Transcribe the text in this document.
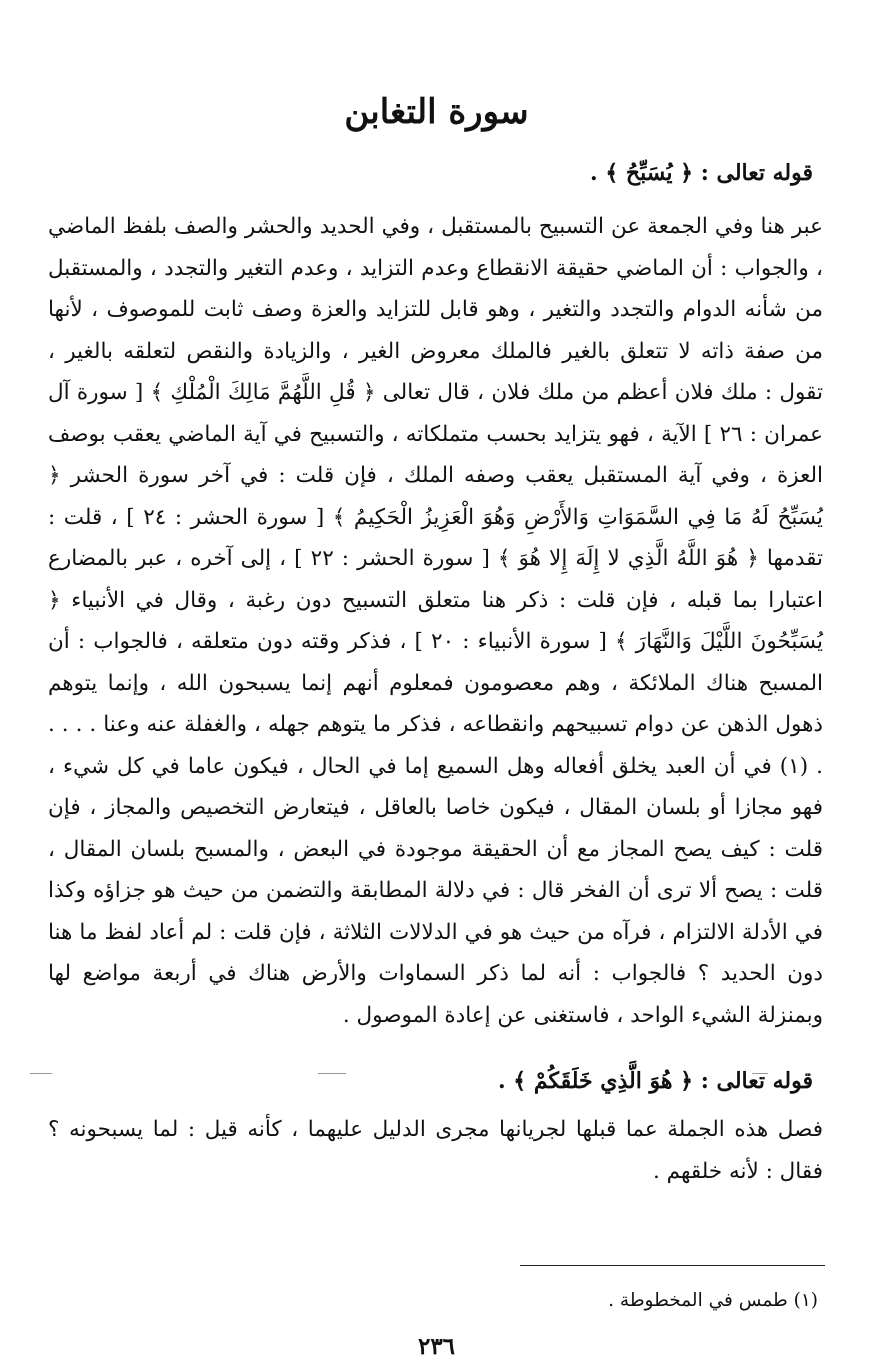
سورة التغابن
قوله تعالى : ﴿ يُسَبِّحُ ﴾ .

عبر هنا وفي الجمعة عن التسبيح بالمستقبل ، وفي الحديد والحشر والصف بلفظ الماضي ، والجواب : أن الماضي حقيقة الانقطاع وعدم التزايد ، وعدم التغير والتجدد ، والمستقبل من شأنه الدوام والتجدد والتغير ، وهو قابل للتزايد والعزة وصف ثابت للموصوف ، لأنها من صفة ذاته لا تتعلق بالغير فالملك معروض الغير ، والزيادة والنقص لتعلقه بالغير ، تقول : ملك فلان أعظم من ملك فلان ، قال تعالى ﴿ قُلِ اللَّهُمَّ مَالِكَ الْمُلْكِ ﴾ [ سورة آل عمران : ٢٦ ] الآية ، فهو يتزايد بحسب متملكاته ، والتسبيح في آية الماضي يعقب بوصف العزة ، وفي آية المستقبل يعقب وصفه الملك ، فإن قلت : في آخر سورة الحشر ﴿ يُسَبِّحُ لَهُ مَا فِي السَّمَوَاتِ وَالأَرْضِ وَهُوَ الْعَزِيزُ الْحَكِيمُ ﴾ [ سورة الحشر : ٢٤ ] ، قلت : تقدمها ﴿ هُوَ اللَّهُ الَّذِي لا إِلَهَ إِلا هُوَ ﴾ [ سورة الحشر : ٢٢ ] ، إلى آخره ، عبر بالمضارع اعتبارا بما قبله ، فإن قلت : ذكر هنا متعلق التسبيح دون رغبة ، وقال في الأنبياء ﴿ يُسَبِّحُونَ اللَّيْلَ وَالنَّهَارَ ﴾ [ سورة الأنبياء : ٢٠ ] ، فذكر وقته دون متعلقه ، فالجواب : أن المسبح هناك الملائكة ، وهم معصومون فمعلوم أنهم إنما يسبحون الله ، وإنما يتوهم ذهول الذهن عن دوام تسبيحهم وانقطاعه ، فذكر ما يتوهم جهله ، والغفلة عنه وعنا . . . . . (١) في أن العبد يخلق أفعاله وهل السميع إما في الحال ، فيكون عاما في كل شيء ، فهو مجازا أو بلسان المقال ، فيكون خاصا بالعاقل ، فيتعارض التخصيص والمجاز ، فإن قلت : كيف يصح المجاز مع أن الحقيقة موجودة في البعض ، والمسبح بلسان المقال ، قلت : يصح ألا ترى أن الفخر قال : في دلالة المطابقة والتضمن من حيث هو جزاؤه وكذا في الأدلة الالتزام ، فرآه من حيث هو في الدلالات الثلاثة ، فإن قلت : لم أعاد لفظ ما هنا دون الحديد ؟ فالجواب : أنه لما ذكر السماوات والأرض هناك في أربعة مواضع لها وبمنزلة الشيء الواحد ، فاستغنى عن إعادة الموصول .

قوله تعالى : ﴿ هُوَ الَّذِي خَلَقَكُمْ ﴾ .

فصل هذه الجملة عما قبلها لجريانها مجرى الدليل عليهما ، كأنه قيل : لما يسبحونه ؟ فقال : لأنه خلقهم .

(١) طمس في المخطوطة .
٢٣٦
